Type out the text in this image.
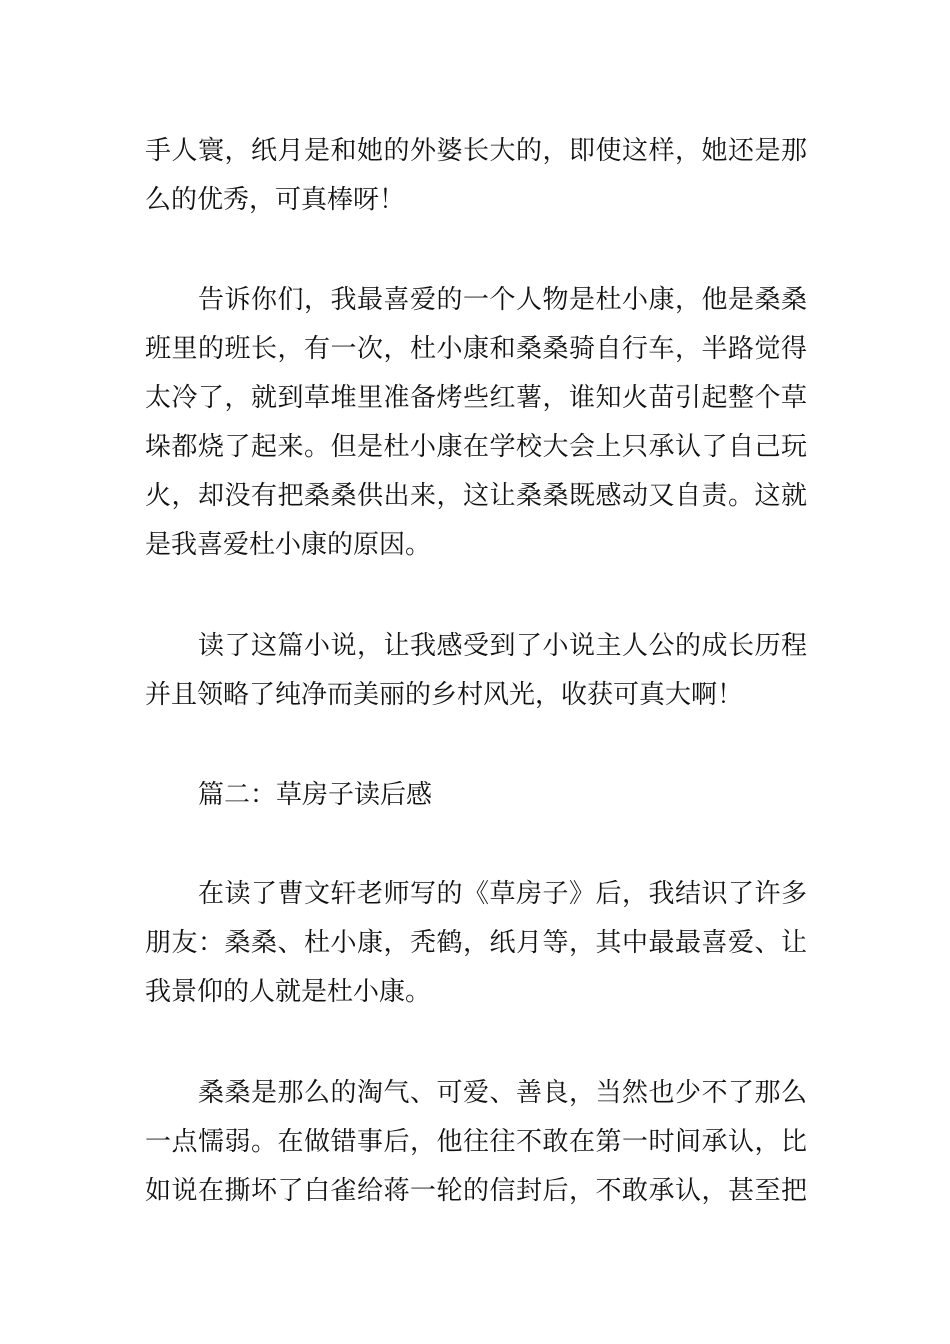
手人寰，纸月是和她的外婆长大的，即使这样，她还是那
么的优秀，可真棒呀！
告诉你们，我最喜爱的一个人物是杜小康，他是桑桑
班里的班长，有一次，杜小康和桑桑骑自行车，半路觉得
太冷了，就到草堆里准备烤些红薯，谁知火苗引起整个草
垛都烧了起来。但是杜小康在学校大会上只承认了自己玩
火，却没有把桑桑供出来，这让桑桑既感动又自责。这就
是我喜爱杜小康的原因。
读了这篇小说，让我感受到了小说主人公的成长历程
并且领略了纯净而美丽的乡村风光，收获可真大啊！
篇二：草房子读后感
在读了曹文轩老师写的《草房子》后，我结识了许多
朋友：桑桑、杜小康，秃鹤，纸月等，其中最最喜爱、让
我景仰的人就是杜小康。
桑桑是那么的淘气、可爱、善良，当然也少不了那么
一点懦弱。在做错事后，他往往不敢在第一时间承认，比
如说在撕坏了白雀给蒋一轮的信封后，不敢承认，甚至把
